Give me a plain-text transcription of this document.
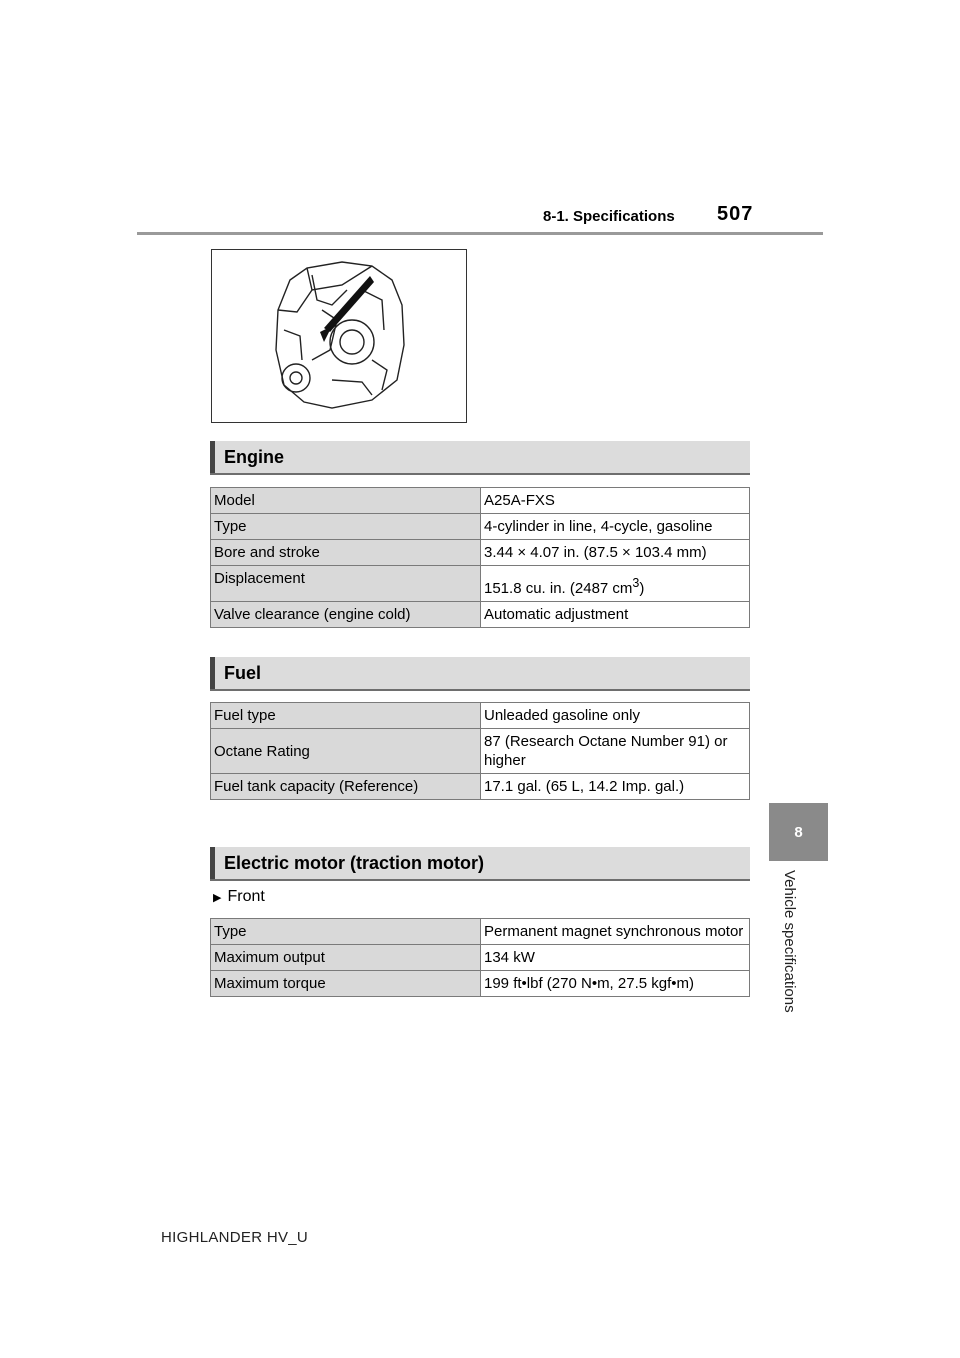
8-1. Specifications 507
8
Vehicle specifications
Engine
Model	A25A-FXS
Type	4-cylinder in line, 4-cycle, gasoline
Bore and stroke	3.44 × 4.07 in. (87.5 × 103.4 mm)
Displacement	151.8 cu. in. (2487 $cm^3$)
Valve clearance (engine cold)	Automatic adjustment
Fuel
Fuel type	Unleaded gasoline only
Octane Rating	87 (Research Octane Number 91) or higher
Fuel tank capacity (Reference)	17.1 gal. (65 L, 14.2 Imp. gal.)
Electric motor (traction motor)
▶ Front
Type	Permanent magnet synchronous motor
Maximum output	134 kW
Maximum torque	199 ft•lbf (270 N•m, 27.5 kgf•m)
HIGHLANDER HV_U
